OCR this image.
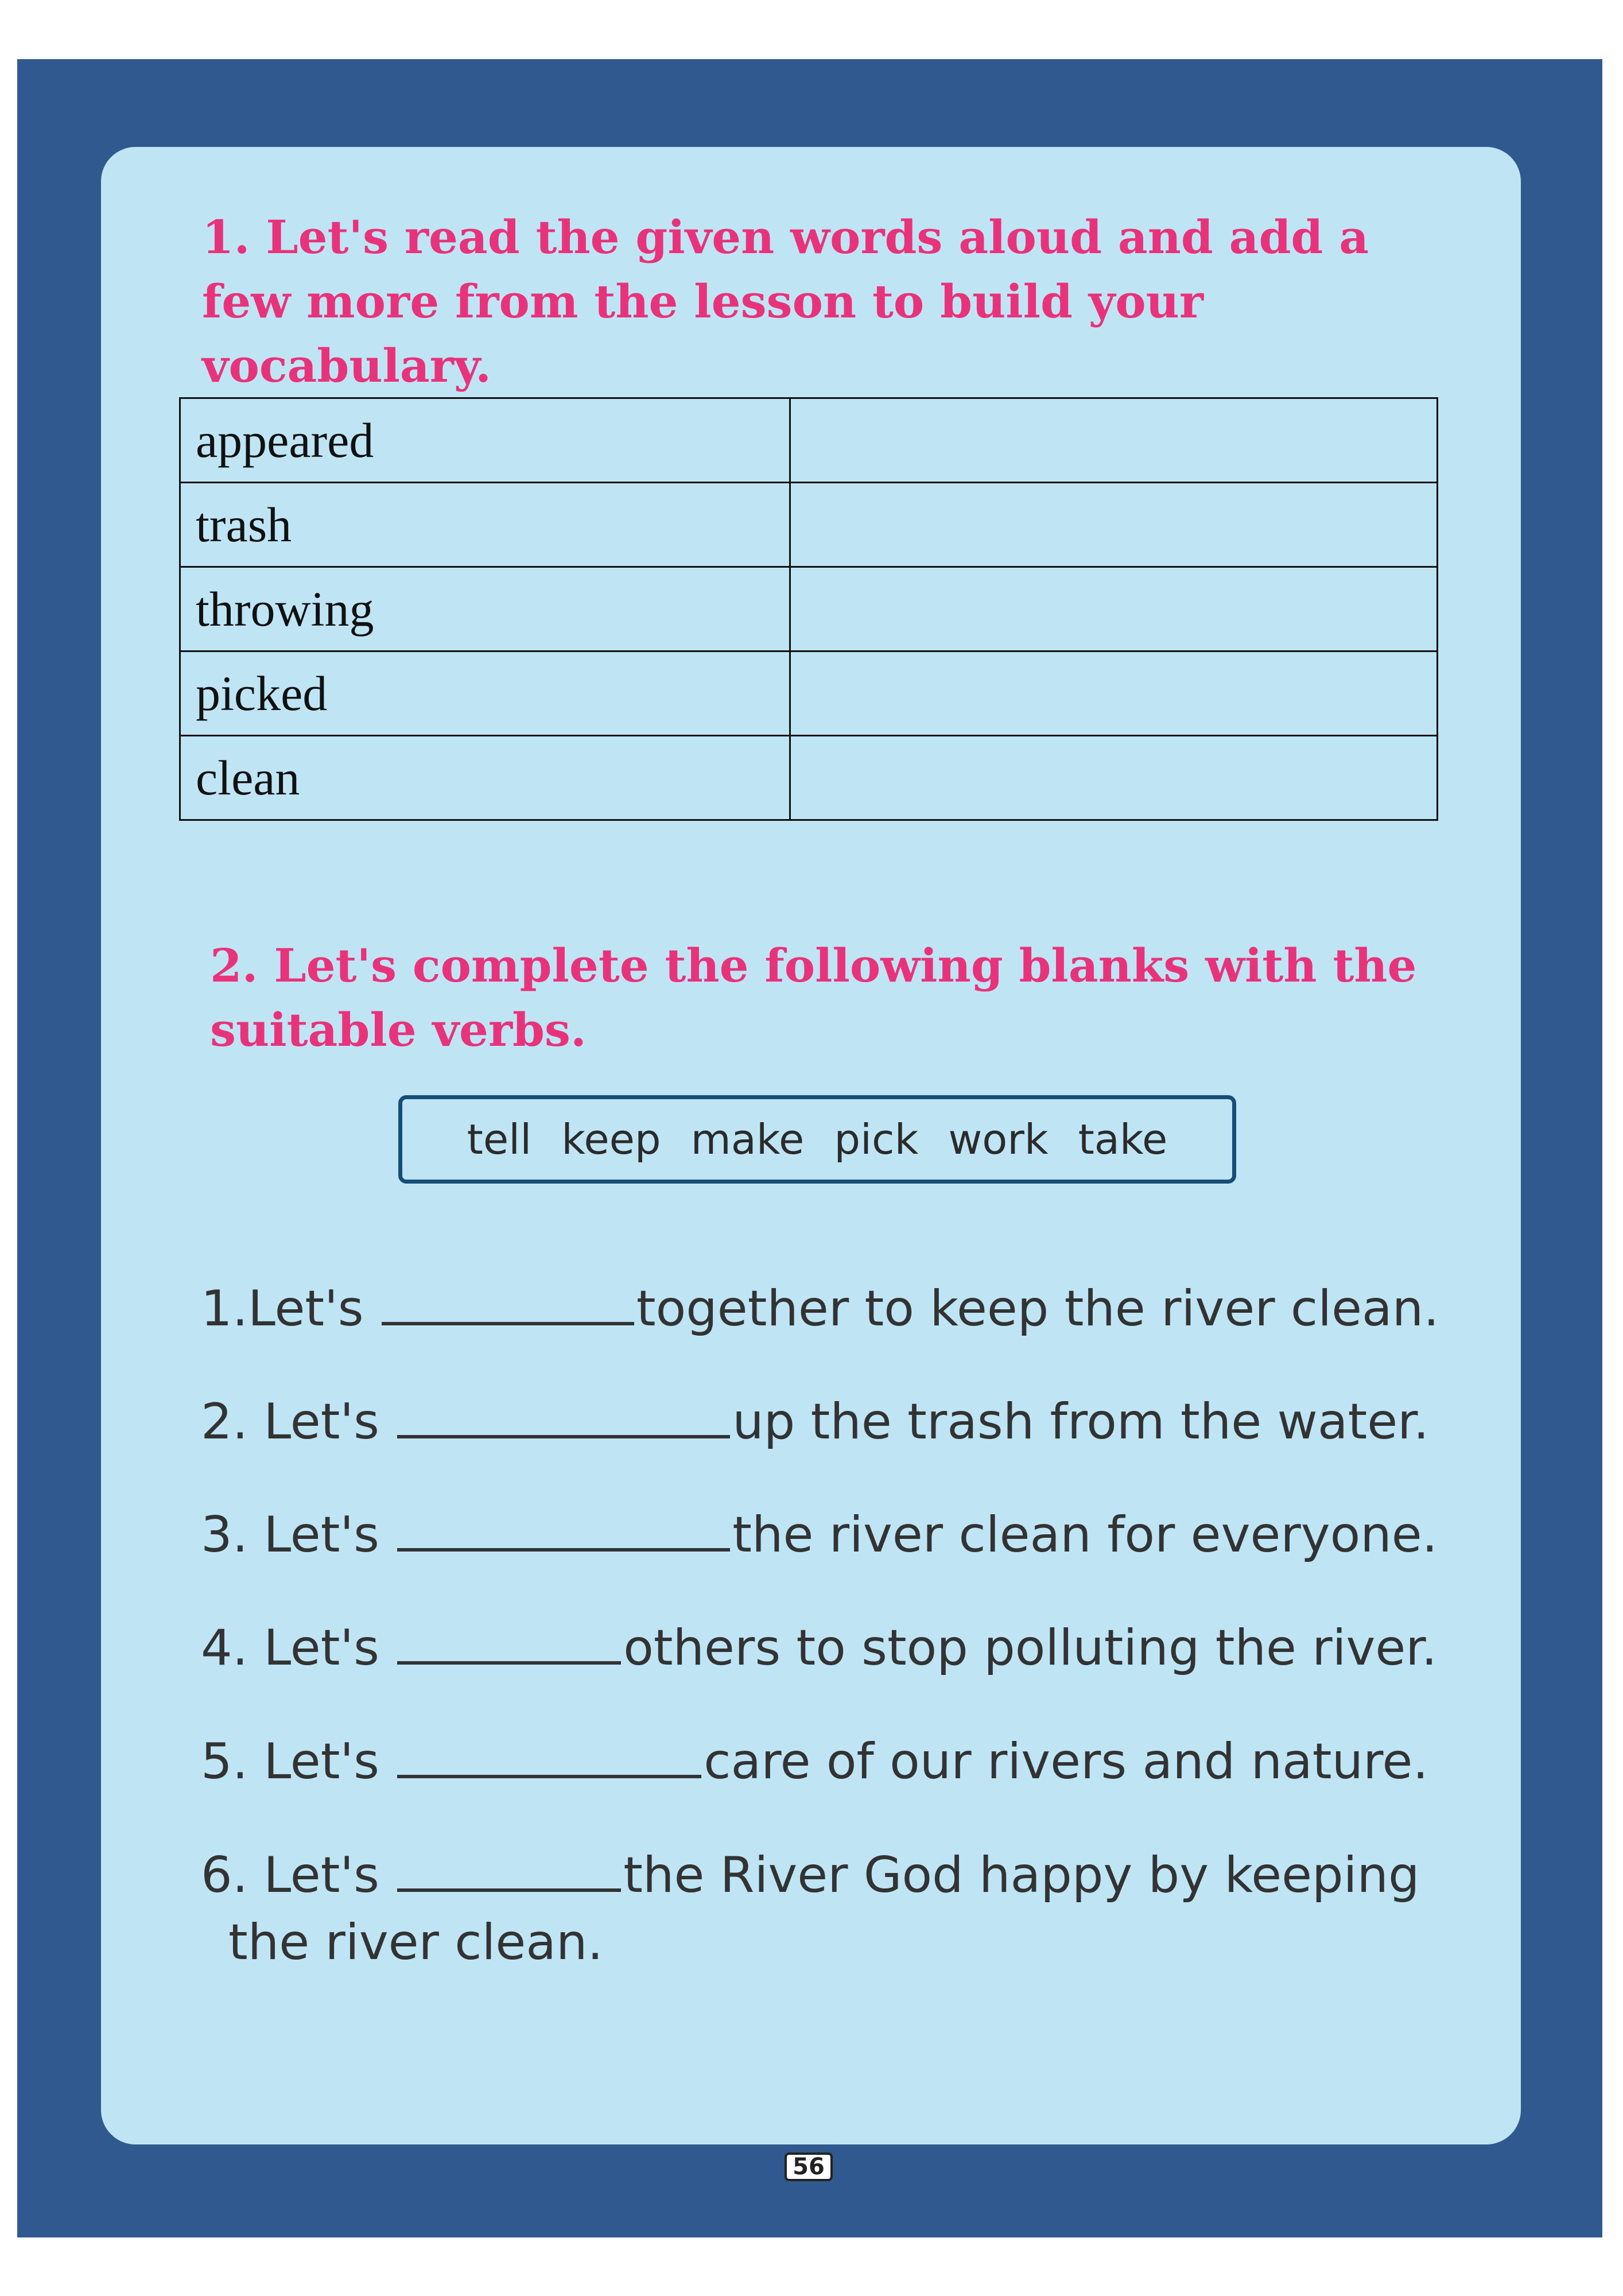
1. Let's read the given words aloud and add a few more from the lesson to build your vocabulary.

appeared	
trash	
throwing	
picked	
clean	

2. Let's complete the following blanks with the suitable verbs.

tell keep make pick work take

1.Let's	together to keep the river clean.

2. Let's	up the trash from the water.

3. Let's	the river clean for everyone.

4. Let's	others to stop polluting the river.

5. Let's	care of our rivers and nature.

6. Let's	the River God happy by keeping

the river clean.

56
